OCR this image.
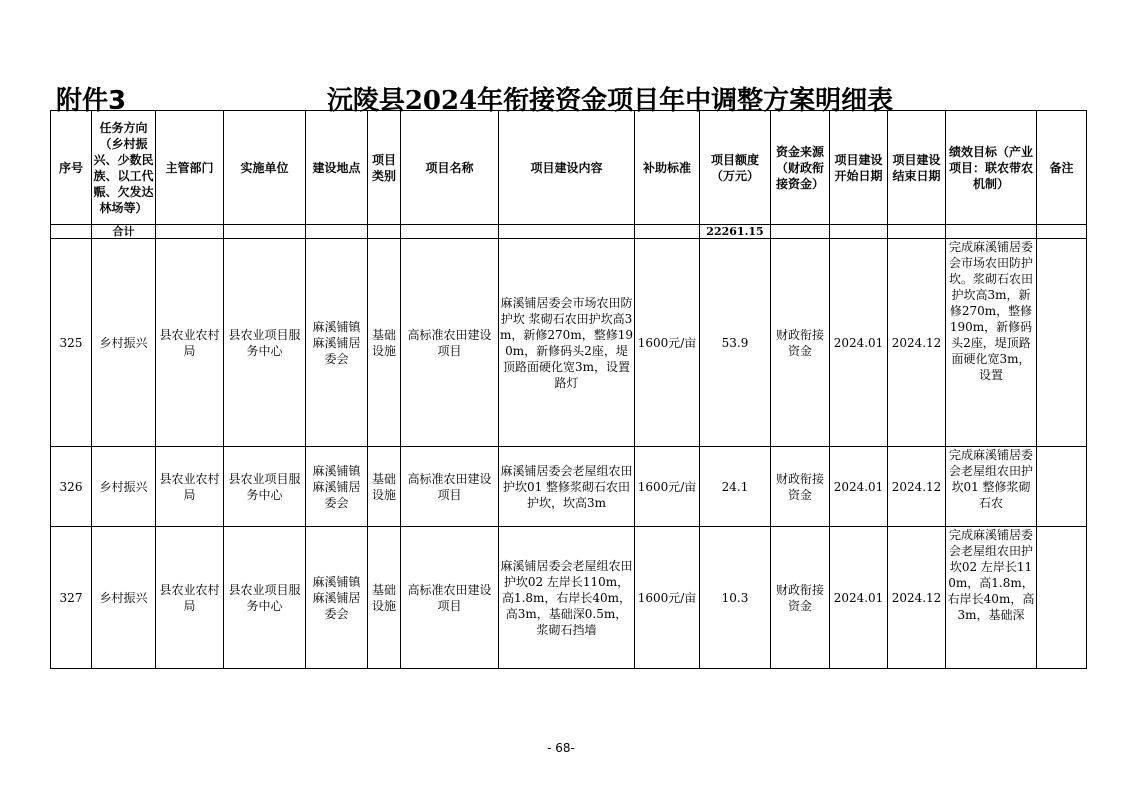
附件3	沅陵县2024年衔接资金项目年中调整方案明细表
序号	任务方向（乡村振兴、少数民族、以工代赈、欠发达林场等）	主管部门	实施单位	建设地点	项目类别	项目名称	项目建设内容	补助标准	项目额度（万元）	资金来源（财政衔接资金）	项目建设开始日期	项目建设结束日期	绩效目标（产业项目：联农带农机制）	备注
	合计								22261.15					
325	乡村振兴	县农业农村局	县农业项目服务中心	麻溪铺镇麻溪铺居委会	基础设施	高标准农田建设项目	麻溪铺居委会市场农田防护坎 浆砌石农田护坎高3m，新修270m，整修190m，新修码头2座，堤顶路面硬化宽3m，设置路灯	1600元/亩	53.9	财政衔接资金	2024.01	2024.12	完成麻溪铺居委会市场农田防护坎。浆砌石农田护坎高3m，新修270m，整修190m，新修码头2座，堤顶路面硬化宽3m，设置	

326	乡村振兴	县农业农村局	县农业项目服务中心	麻溪铺镇麻溪铺居委会	基础设施	高标准农田建设项目	麻溪铺居委会老屋组农田护坎01 整修浆砌石农田护坎，坎高3m	1600元/亩	24.1	财政衔接资金	2024.01	2024.12	完成麻溪铺居委会老屋组农田护坎01 整修浆砌石农	

327	乡村振兴	县农业农村局	县农业项目服务中心	麻溪铺镇麻溪铺居委会	基础设施	高标准农田建设项目	麻溪铺居委会老屋组农田护坎02 左岸长110m，高1.8m，右岸长40m，高3m，基础深0.5m，浆砌石挡墙	1600元/亩	10.3	财政衔接资金	2024.01	2024.12	完成麻溪铺居委会老屋组农田护坎02 左岸长110m，高1.8m，右岸长40m，高3m，基础深	

- 68-
